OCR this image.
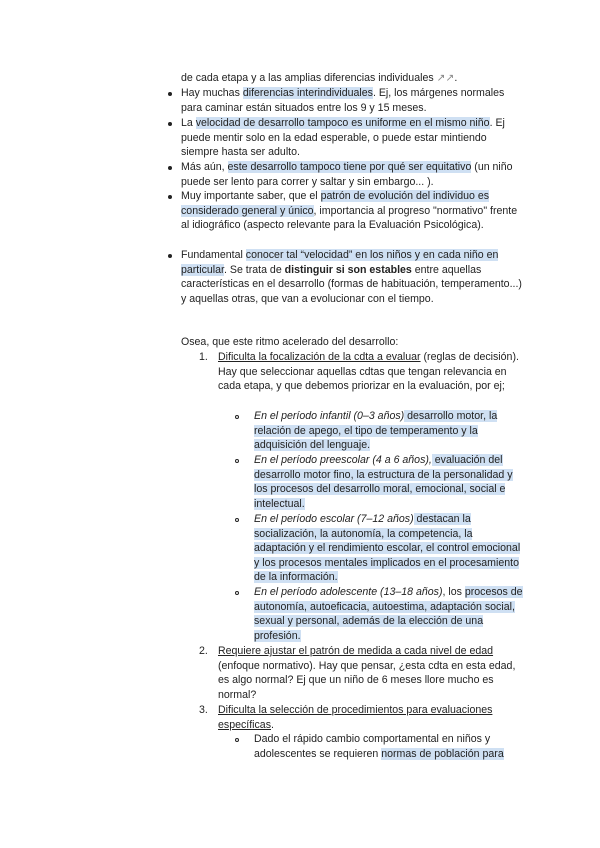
de cada etapa y a las amplias diferencias individuales ↗↗.

Hay muchas diferencias interindividuales. Ej, los márgenes normales para caminar están situados entre los 9 y 15 meses.

La velocidad de desarrollo tampoco es uniforme en el mismo niño. Ej puede mentir solo en la edad esperable, o puede estar mintiendo siempre hasta ser adulto.

Más aún, este desarrollo tampoco tiene por qué ser equitativo (un niño puede ser lento para correr y saltar y sin embargo... ).

Muy importante saber, que el patrón de evolución del individuo es considerado general y único, importancia al progreso "normativo" frente al idiográfico (aspecto relevante para la Evaluación Psicológica).

Fundamental conocer tal “velocidad” en los niños y en cada niño en particular. Se trata de distinguir si son estables entre aquellas características en el desarrollo (formas de habituación, temperamento...) y aquellas otras, que van a evolucionar con el tiempo.

Osea, que este ritmo acelerado del desarrollo:

1. Dificulta la focalización de la cdta a evaluar (reglas de decisión). Hay que seleccionar aquellas cdtas que tengan relevancia en cada etapa, y que debemos priorizar en la evaluación, por ej;

En el período infantil (0–3 años) desarrollo motor, la relación de apego, el tipo de temperamento y la adquisición del lenguaje.

En el período preescolar (4 a 6 años), evaluación del desarrollo motor fino, la estructura de la personalidad y los procesos del desarrollo moral, emocional, social e intelectual.

En el período escolar (7–12 años) destacan la socialización, la autonomía, la competencia, la adaptación y el rendimiento escolar, el control emocional y los procesos mentales implicados en el procesamiento de la información.

En el período adolescente (13–18 años), los procesos de autonomía, autoeficacia, autoestima, adaptación social, sexual y personal, además de la elección de una profesión.

2. Requiere ajustar el patrón de medida a cada nivel de edad (enfoque normativo). Hay que pensar, ¿esta cdta en esta edad, es algo normal? Ej que un niño de 6 meses llore mucho es normal?

3. Dificulta la selección de procedimientos para evaluaciones específicas.

Dado el rápido cambio comportamental en niños y adolescentes se requieren normas de población para
